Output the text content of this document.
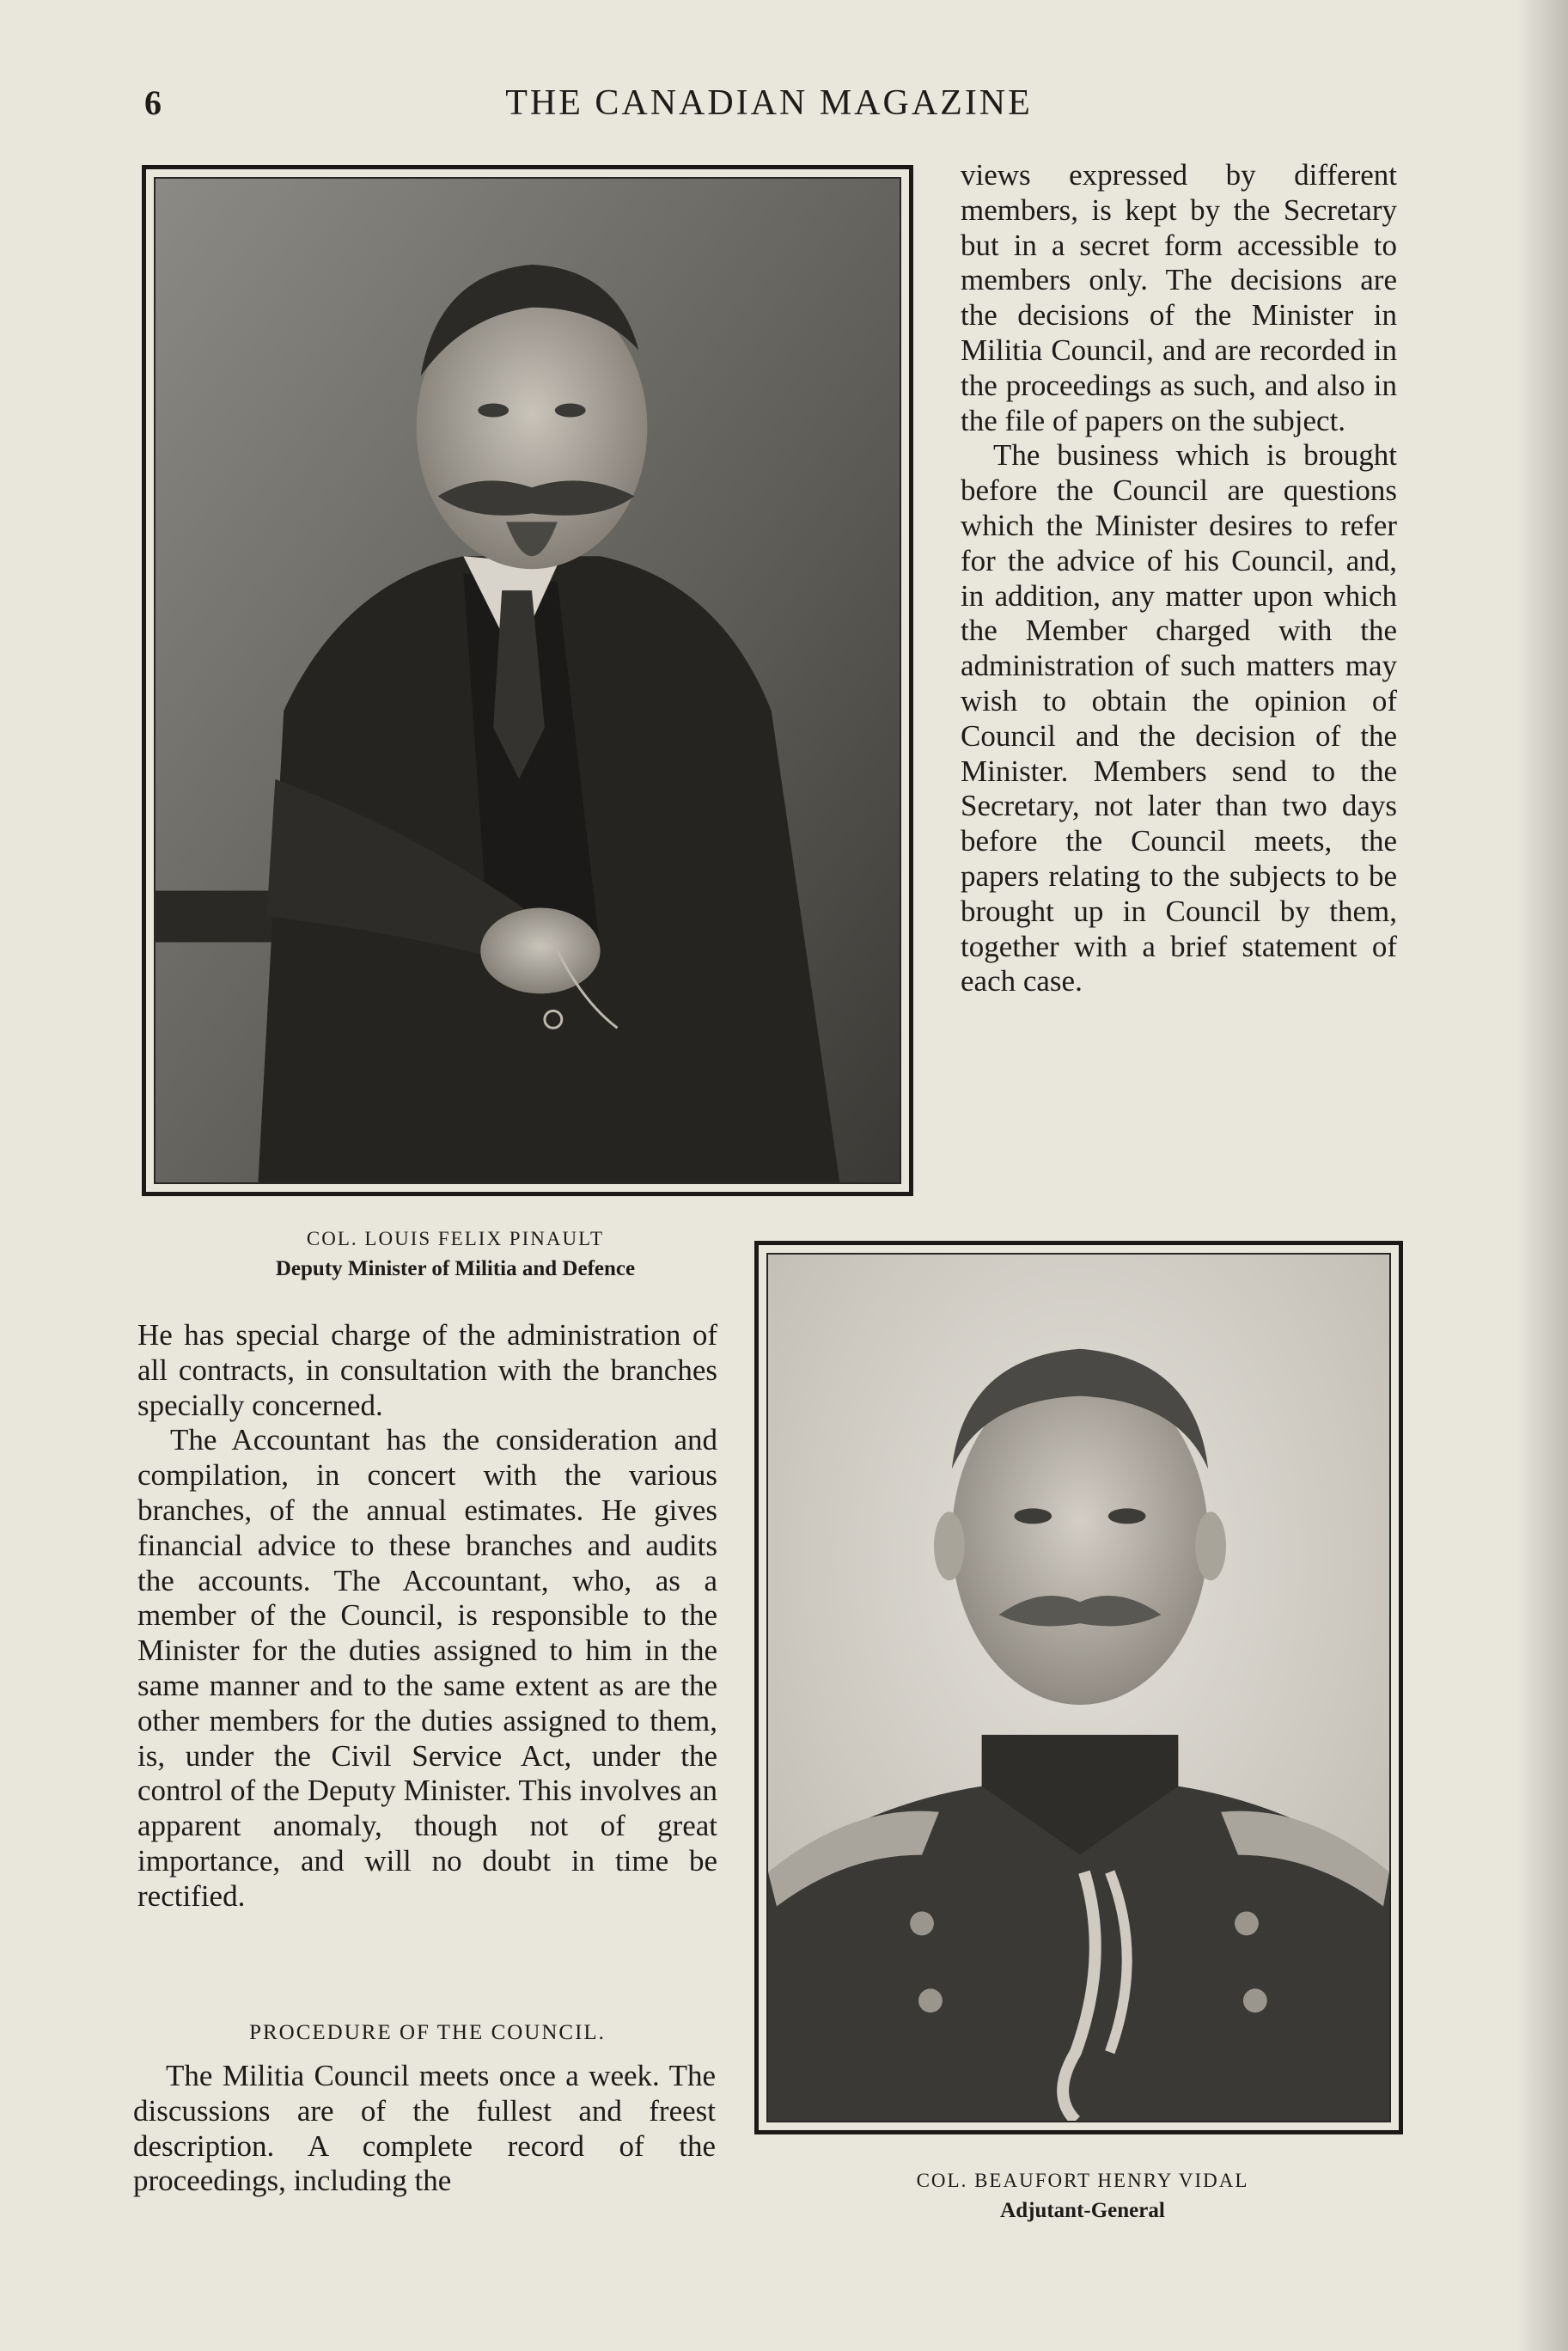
6	THE CANADIAN MAGAZINE
COL. LOUIS FELIX PINAULT
Deputy Minister of Militia and Defence

views expressed by different members, is kept by the Secretary but in a secret form accessible to members only. The decisions are the decisions of the Minister in Militia Council, and are recorded in the proceedings as such, and also in the file of papers on the subject.

The business which is brought before the Council are questions which the Minister desires to refer for the advice of his Council, and, in addition, any matter upon which the Member charged with the administration of such matters may wish to obtain the opinion of Council and the decision of the Minister. Members send to the Secretary, not later than two days before the Council meets, the papers relating to the subjects to be brought up in Council by them, together with a brief statement of each case.

COL. BEAUFORT HENRY VIDAL
Adjutant-General

He has special charge of the administration of all contracts, in consultation with the branches specially concerned.

The Accountant has the consideration and compilation, in concert with the various branches, of the annual estimates. He gives financial advice to these branches and audits the accounts. The Accountant, who, as a member of the Council, is responsible to the Minister for the duties assigned to him in the same manner and to the same extent as are the other members for the duties assigned to them, is, under the Civil Service Act, under the control of the Deputy Minister. This involves an apparent anomaly, though not of great importance, and will no doubt in time be rectified.

PROCEDURE OF THE COUNCIL.

The Militia Council meets once a week. The discussions are of the fullest and freest description. A complete record of the proceedings, including the
